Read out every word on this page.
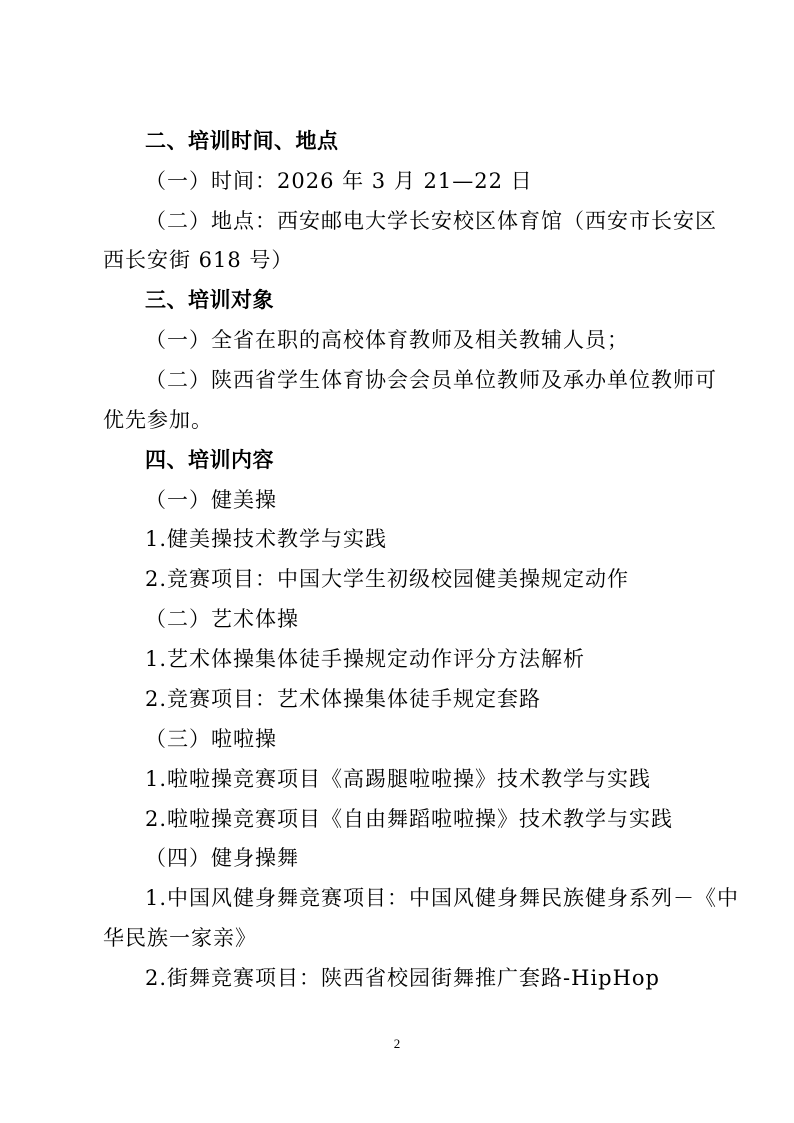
二、培训时间、地点
（一）时间：2026 年 3 月 21—22 日
（二）地点：西安邮电大学长安校区体育馆（西安市长安区
西长安街 618 号）
三、培训对象
（一）全省在职的高校体育教师及相关教辅人员；
（二）陕西省学生体育协会会员单位教师及承办单位教师可
优先参加。
四、培训内容
（一）健美操
1.健美操技术教学与实践
2.竞赛项目：中国大学生初级校园健美操规定动作
（二）艺术体操
1.艺术体操集体徒手操规定动作评分方法解析
2.竞赛项目：艺术体操集体徒手规定套路
（三）啦啦操
1.啦啦操竞赛项目《高踢腿啦啦操》技术教学与实践
2.啦啦操竞赛项目《自由舞蹈啦啦操》技术教学与实践
（四）健身操舞
1.中国风健身舞竞赛项目：中国风健身舞民族健身系列－《中
华民族一家亲》
2.街舞竞赛项目：陕西省校园街舞推广套路-HipHop
2
